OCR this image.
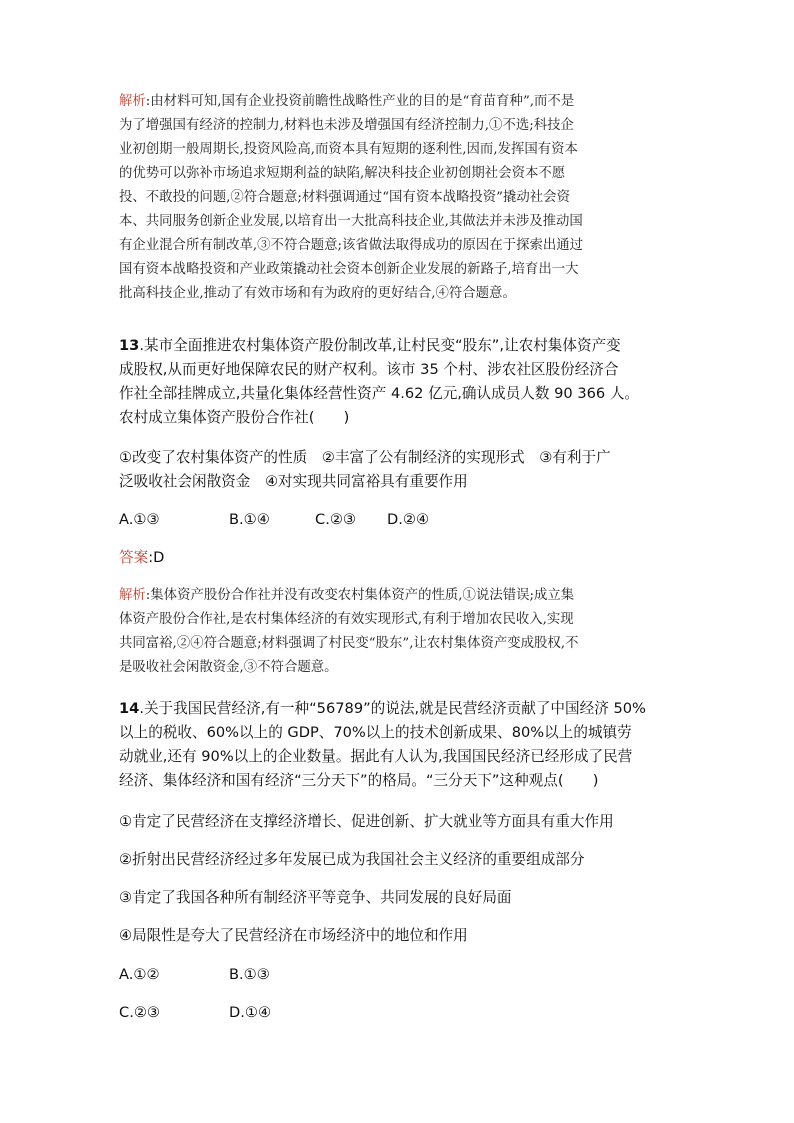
解析:由材料可知,国有企业投资前瞻性战略性产业的目的是“育苗育种”,而不是
为了增强国有经济的控制力,材料也未涉及增强国有经济控制力,①不选;科技企
业初创期一般周期长,投资风险高,而资本具有短期的逐利性,因而,发挥国有资本
的优势可以弥补市场追求短期利益的缺陷,解决科技企业初创期社会资本不愿
投、不敢投的问题,②符合题意;材料强调通过“国有资本战略投资”撬动社会资
本、共同服务创新企业发展,以培育出一大批高科技企业,其做法并未涉及推动国
有企业混合所有制改革,③不符合题意;该省做法取得成功的原因在于探索出通过
国有资本战略投资和产业政策撬动社会资本创新企业发展的新路子,培育出一大
批高科技企业,推动了有效市场和有为政府的更好结合,④符合题意。
13.某市全面推进农村集体资产股份制改革,让村民变“股东”,让农村集体资产变
成股权,从而更好地保障农民的财产权利。该市 35 个村、涉农社区股份经济合
作社全部挂牌成立,共量化集体经营性资产 4.62 亿元,确认成员人数 90 366 人。
农村成立集体资产股份合作社(　　)
①改变了农村集体资产的性质　②丰富了公有制经济的实现形式　③有利于广
泛吸收社会闲散资金　④对实现共同富裕具有重要作用
A.①③	B.①④	C.②③ D.②④
答案:D
解析:集体资产股份合作社并没有改变农村集体资产的性质,①说法错误;成立集
体资产股份合作社,是农村集体经济的有效实现形式,有利于增加农民收入,实现
共同富裕,②④符合题意;材料强调了村民变“股东”,让农村集体资产变成股权,不
是吸收社会闲散资金,③不符合题意。
14.关于我国民营经济,有一种“56789”的说法,就是民营经济贡献了中国经济 50%
以上的税收、60%以上的 GDP、70%以上的技术创新成果、80%以上的城镇劳
动就业,还有 90%以上的企业数量。据此有人认为,我国国民经济已经形成了民营
经济、集体经济和国有经济“三分天下”的格局。“三分天下”这种观点(　　)
①肯定了民营经济在支撑经济增长、促进创新、扩大就业等方面具有重大作用
②折射出民营经济经过多年发展已成为我国社会主义经济的重要组成部分
③肯定了我国各种所有制经济平等竞争、共同发展的良好局面
④局限性是夸大了民营经济在市场经济中的地位和作用
A.①②	B.①③
C.②③	D.①④
